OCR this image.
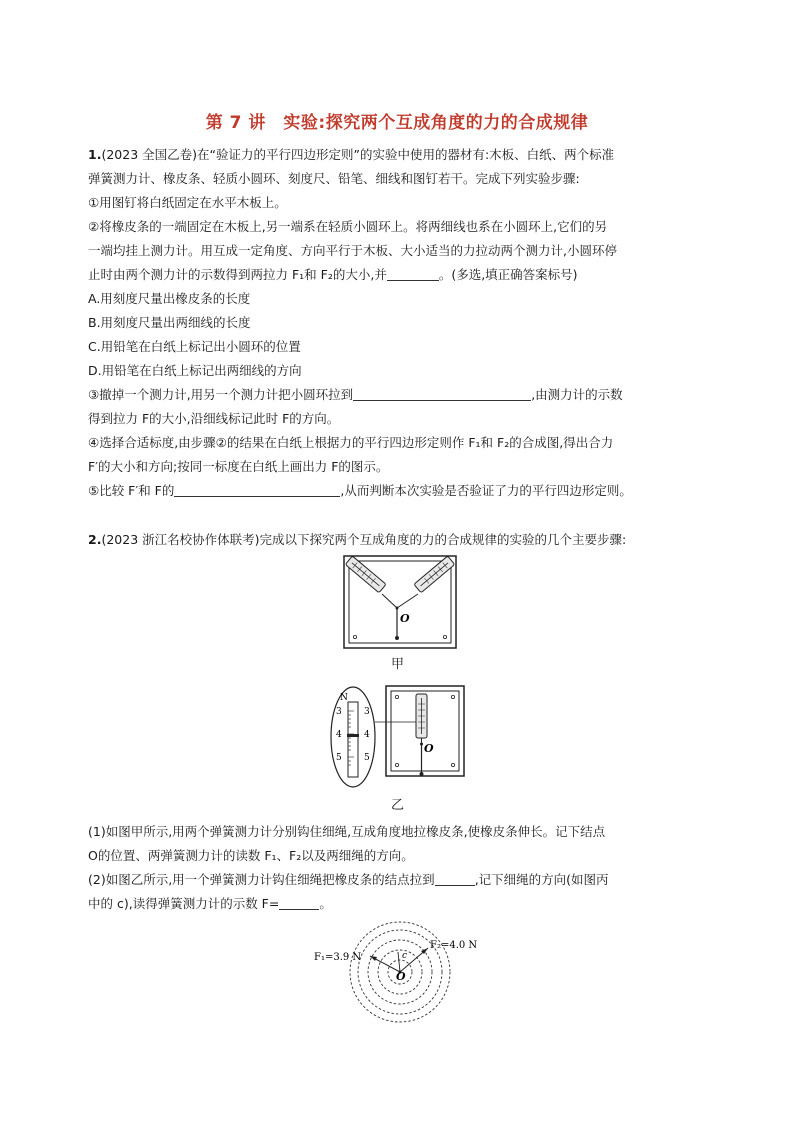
第 7 讲　实验:探究两个互成角度的力的合成规律
1.(2023 全国乙卷)在“验证力的平行四边形定则”的实验中使用的器材有:木板、白纸、两个标准
弹簧测力计、橡皮条、轻质小圆环、刻度尺、铅笔、细线和图钉若干。完成下列实验步骤:
①用图钉将白纸固定在水平木板上。
②将橡皮条的一端固定在木板上,另一端系在轻质小圆环上。将两细线也系在小圆环上,它们的另
一端均挂上测力计。用互成一定角度、方向平行于木板、大小适当的力拉动两个测力计,小圆环停
止时由两个测力计的示数得到两拉力 F₁和 F₂的大小,并	。(多选,填正确答案标号)
A.用刻度尺量出橡皮条的长度
B.用刻度尺量出两细线的长度
C.用铅笔在白纸上标记出小圆环的位置
D.用铅笔在白纸上标记出两细线的方向
③撤掉一个测力计,用另一个测力计把小圆环拉到	,由测力计的示数
得到拉力 F的大小,沿细线标记此时 F的方向。
④选择合适标度,由步骤②的结果在白纸上根据力的平行四边形定则作 F₁和 F₂的合成图,得出合力
F′的大小和方向;按同一标度在白纸上画出力 F的图示。
⑤比较 F′和 F的	,从而判断本次实验是否验证了力的平行四边形定则。
2.(2023 浙江名校协作体联考)完成以下探究两个互成角度的力的合成规律的实验的几个主要步骤:
O
甲
N
3
4
5
3
4
5
O
乙
(1)如图甲所示,用两个弹簧测力计分别钩住细绳,互成角度地拉橡皮条,使橡皮条伸长。记下结点
O的位置、两弹簧测力计的读数 F₁、F₂以及两细绳的方向。
(2)如图乙所示,用一个弹簧测力计钩住细绳把橡皮条的结点拉到	,记下细绳的方向(如图丙
中的 c),读得弹簧测力计的示数 F=	。
c
O
F₁=3.9 N
F₂=4.0 N
